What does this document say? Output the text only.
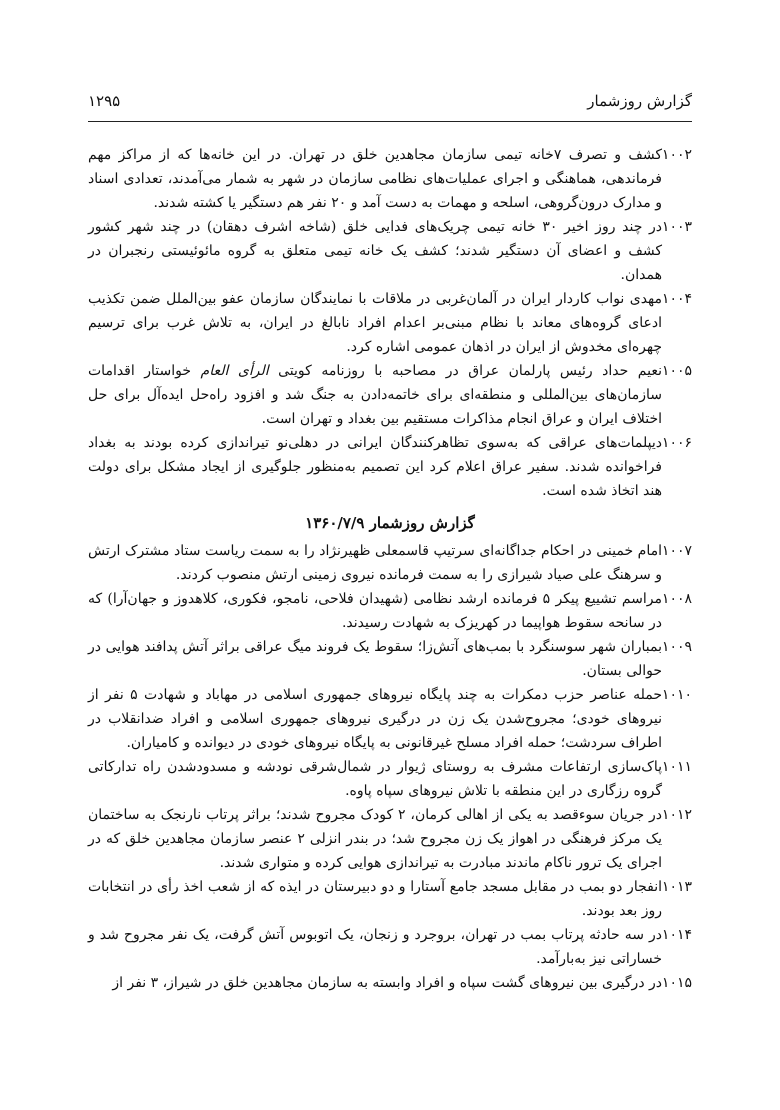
گزارش روزشمار
۱۲۹۵
۱۰۰۲
کشف و تصرف ۷خانه تیمی سازمان مجاهدین خلق در تهران. در این خانه‌ها که از مراکز مهم فرماندهی، هماهنگی و اجرای عملیات‌های نظامی سازمان در شهر به شمار می‌آمدند، تعدادی اسناد و مدارک درون‌گروهی، اسلحه و مهمات به دست آمد و ۲۰ نفر هم دستگیر یا کشته شدند.
۱۰۰۳
در چند روز اخیر ۳۰ خانه تیمی چریک‌های فدایی خلق (شاخه اشرف دهقان) در چند شهر کشور کشف و اعضای آن دستگیر شدند؛ کشف یک خانه تیمی متعلق به گروه مائوئیستی رنجبران در همدان.
۱۰۰۴
مهدی نواب کاردار ایران در آلمان‌غربی در ملاقات با نمایندگان سازمان عفو بین‌الملل ضمن تکذیب ادعای گروه‌های معاند با نظام مبنی‌بر اعدام افراد نابالغ در ایران، به تلاش غرب برای ترسیم چهره‌ای مخدوش از ایران در اذهان عمومی اشاره کرد.
۱۰۰۵
نعیم حداد رئیس پارلمان عراق در مصاحبه با روزنامه کویتی الرأی العام خواستار اقدامات سازمان‌های بین‌المللی و منطقه‌ای برای خاتمه‌دادن به جنگ شد و افزود راه‌حل ایده‌آل برای حل اختلاف ایران و عراق انجام مذاکرات مستقیم بین بغداد و تهران است.
۱۰۰۶
دیپلمات‌های عراقی که به‌سوی تظاهرکنندگان ایرانی در دهلی‌نو تیراندازی کرده بودند به بغداد فراخوانده شدند. سفیر عراق اعلام کرد این تصمیم به‌منظور جلوگیری از ایجاد مشکل برای دولت هند اتخاذ شده است.
گزارش روزشمار ۱۳۶۰/۷/۹
۱۰۰۷
امام خمینی در احکام جداگانه‌ای سرتیپ قاسمعلی ظهیرنژاد را به سمت ریاست ستاد مشترک ارتش و سرهنگ علی صیاد شیرازی را به سمت فرمانده نیروی زمینی ارتش منصوب کردند.
۱۰۰۸
مراسم تشییع پیکر ۵ فرمانده ارشد نظامی (شهیدان فلاحی، نامجو، فکوری، کلاهدوز و جهان‌آرا) که در سانحه سقوط هواپیما در کهریزک به شهادت رسیدند.
۱۰۰۹
بمباران شهر سوسنگرد با بمب‌های آتش‌زا؛ سقوط یک فروند میگ عراقی براثر آتش پدافند هوایی در حوالی بستان.
۱۰۱۰
حمله عناصر حزب دمکرات به چند پایگاه نیروهای جمهوری اسلامی در مهاباد و شهادت ۵ نفر از نیروهای خودی؛ مجروح‌شدن یک زن در درگیری نیروهای جمهوری اسلامی و افراد ضدانقلاب در اطراف سردشت؛ حمله افراد مسلح غیرقانونی به پایگاه نیروهای خودی در دیوانده و کامیاران.
۱۰۱۱
پاک‌سازی ارتفاعات مشرف به روستای ژیوار در شمال‌شرقی نودشه و مسدودشدن راه تدارکاتی گروه رزگاری در این منطقه با تلاش نیروهای سپاه پاوه.
۱۰۱۲
در جریان سوءقصد به یکی از اهالی کرمان، ۲ کودک مجروح شدند؛ براثر پرتاب نارنجک به ساختمان یک مرکز فرهنگی در اهواز یک زن مجروح شد؛ در بندر انزلی ۲ عنصر سازمان مجاهدین خلق که در اجرای یک ترور ناکام ماندند مبادرت به تیراندازی هوایی کرده و متواری شدند.
۱۰۱۳
انفجار دو بمب در مقابل مسجد جامع آستارا و دو دبیرستان در ایذه که از شعب اخذ رأی در انتخابات روز بعد بودند.
۱۰۱۴
در سه حادثه پرتاب بمب در تهران، بروجرد و زنجان، یک اتوبوس آتش گرفت، یک نفر مجروح شد و خساراتی نیز به‌بارآمد.
۱۰۱۵
در درگیری بین نیروهای گشت سپاه و افراد وابسته به سازمان مجاهدین خلق در شیراز، ۳ نفر از
